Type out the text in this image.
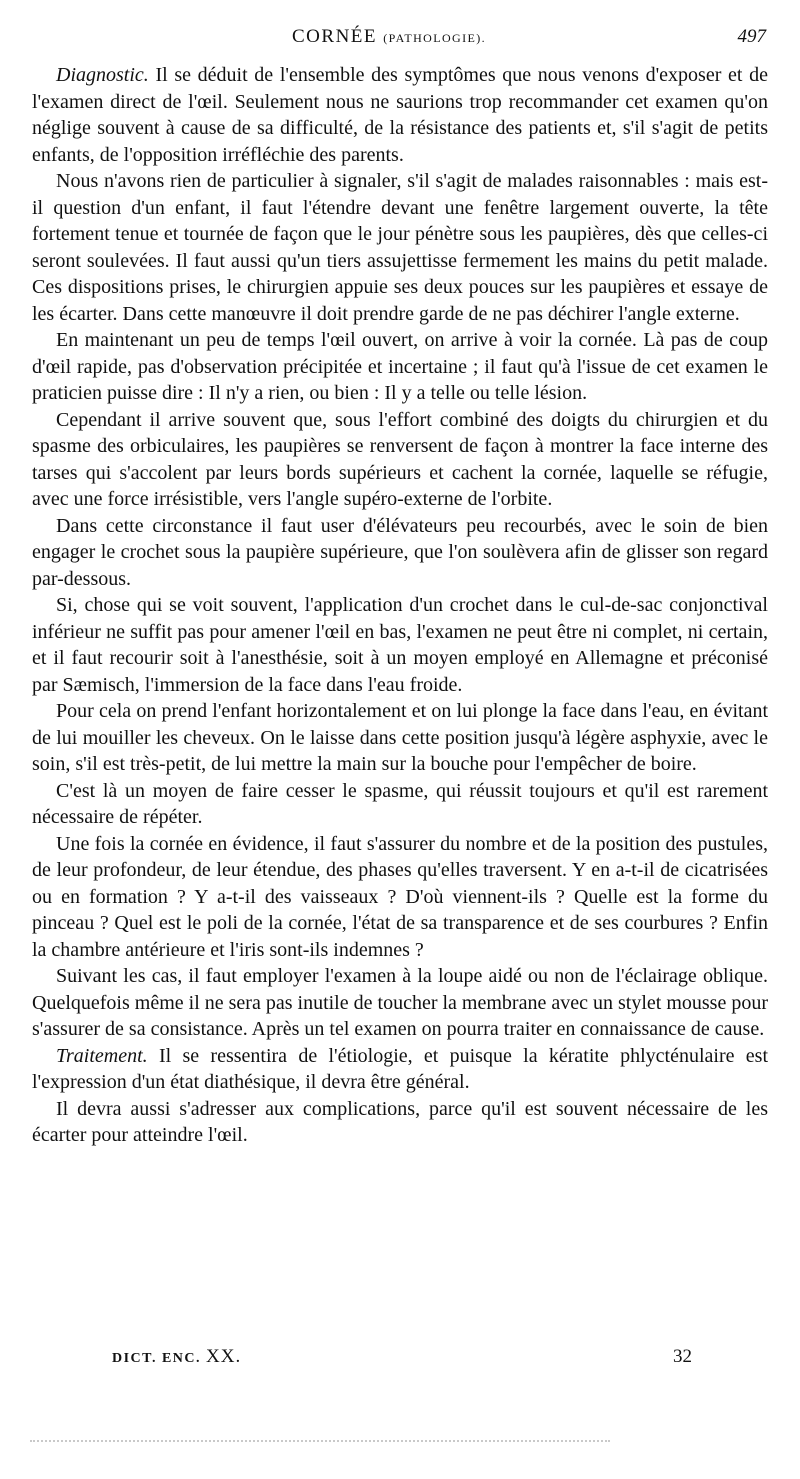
CORNÉE (PATHOLOGIE).	497

Diagnostic. Il se déduit de l'ensemble des symptômes que nous venons d'exposer et de l'examen direct de l'œil. Seulement nous ne saurions trop recommander cet examen qu'on néglige souvent à cause de sa difficulté, de la résistance des patients et, s'il s'agit de petits enfants, de l'opposition irréfléchie des parents.

Nous n'avons rien de particulier à signaler, s'il s'agit de malades raisonnables : mais est-il question d'un enfant, il faut l'étendre devant une fenêtre largement ouverte, la tête fortement tenue et tournée de façon que le jour pénètre sous les paupières, dès que celles-ci seront soulevées. Il faut aussi qu'un tiers assujettisse fermement les mains du petit malade. Ces dispositions prises, le chirurgien appuie ses deux pouces sur les paupières et essaye de les écarter. Dans cette manœuvre il doit prendre garde de ne pas déchirer l'angle externe.

En maintenant un peu de temps l'œil ouvert, on arrive à voir la cornée. Là pas de coup d'œil rapide, pas d'observation précipitée et incertaine ; il faut qu'à l'issue de cet examen le praticien puisse dire : Il n'y a rien, ou bien : Il y a telle ou telle lésion.

Cependant il arrive souvent que, sous l'effort combiné des doigts du chirurgien et du spasme des orbiculaires, les paupières se renversent de façon à montrer la face interne des tarses qui s'accolent par leurs bords supérieurs et cachent la cornée, laquelle se réfugie, avec une force irrésistible, vers l'angle supéro-externe de l'orbite.

Dans cette circonstance il faut user d'élévateurs peu recourbés, avec le soin de bien engager le crochet sous la paupière supérieure, que l'on soulèvera afin de glisser son regard par-dessous.

Si, chose qui se voit souvent, l'application d'un crochet dans le cul-de-sac conjonctival inférieur ne suffit pas pour amener l'œil en bas, l'examen ne peut être ni complet, ni certain, et il faut recourir soit à l'anesthésie, soit à un moyen employé en Allemagne et préconisé par Sæmisch, l'immersion de la face dans l'eau froide.

Pour cela on prend l'enfant horizontalement et on lui plonge la face dans l'eau, en évitant de lui mouiller les cheveux. On le laisse dans cette position jusqu'à légère asphyxie, avec le soin, s'il est très-petit, de lui mettre la main sur la bouche pour l'empêcher de boire.

C'est là un moyen de faire cesser le spasme, qui réussit toujours et qu'il est rarement nécessaire de répéter.

Une fois la cornée en évidence, il faut s'assurer du nombre et de la position des pustules, de leur profondeur, de leur étendue, des phases qu'elles traversent. Y en a-t-il de cicatrisées ou en formation ? Y a-t-il des vaisseaux ? D'où viennent-ils ? Quelle est la forme du pinceau ? Quel est le poli de la cornée, l'état de sa transparence et de ses courbures ? Enfin la chambre antérieure et l'iris sont-ils indemnes ?

Suivant les cas, il faut employer l'examen à la loupe aidé ou non de l'éclairage oblique. Quelquefois même il ne sera pas inutile de toucher la membrane avec un stylet mousse pour s'assurer de sa consistance. Après un tel examen on pourra traiter en connaissance de cause.

Traitement. Il se ressentira de l'étiologie, et puisque la kératite phlycténulaire est l'expression d'un état diathésique, il devra être général.

Il devra aussi s'adresser aux complications, parce qu'il est souvent nécessaire de les écarter pour atteindre l'œil.

DICT. ENC. XX.	32
